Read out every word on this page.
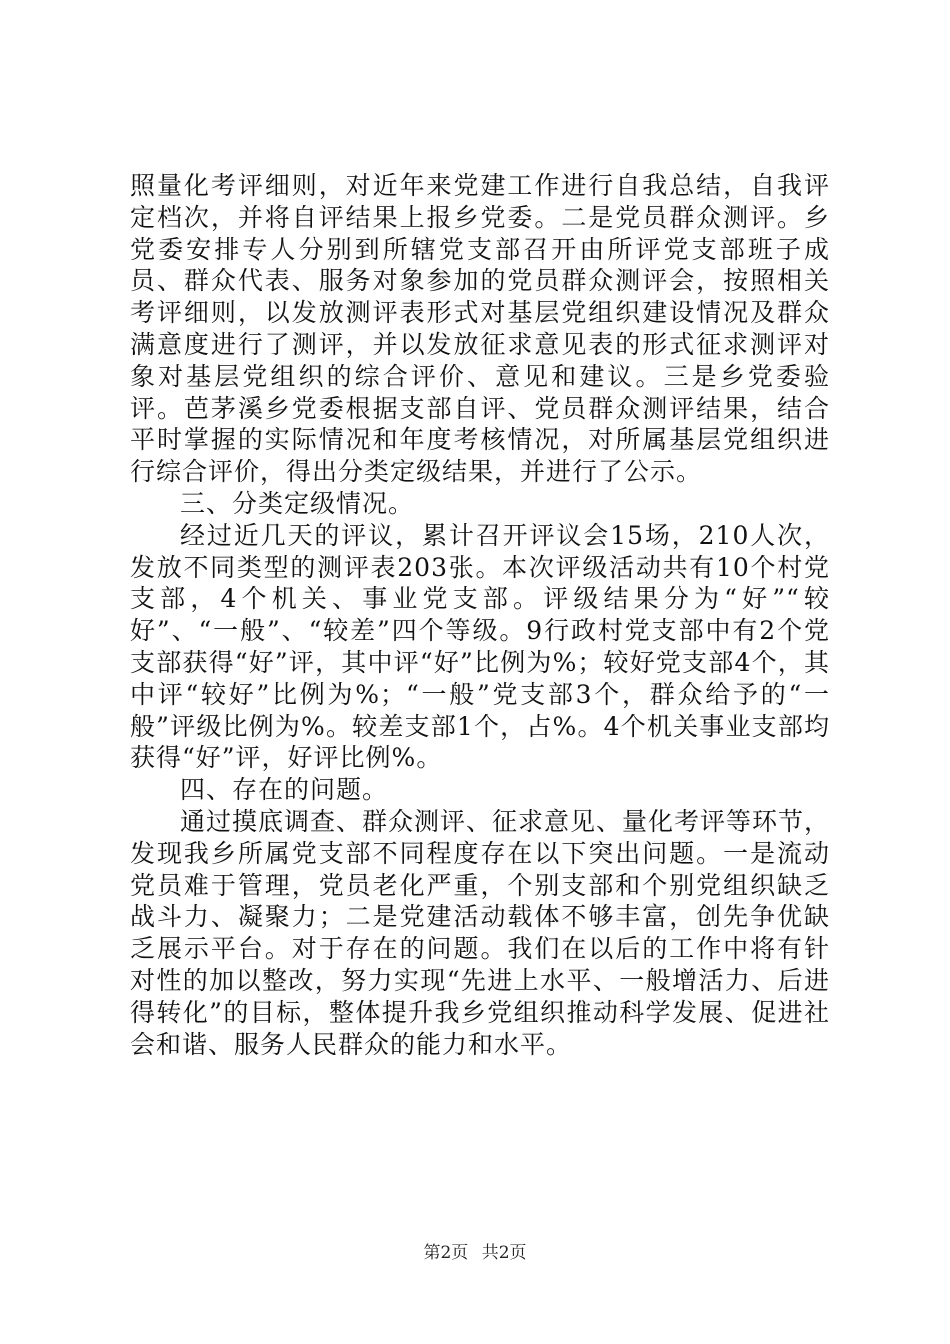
照量化考评细则，对近年来党建工作进行自我总结，自我评定档次，并将自评结果上报乡党委。二是党员群众测评。乡党委安排专人分别到所辖党支部召开由所评党支部班子成员、群众代表、服务对象参加的党员群众测评会，按照相关考评细则，以发放测评表形式对基层党组织建设情况及群众满意度进行了测评，并以发放征求意见表的形式征求测评对象对基层党组织的综合评价、意见和建议。三是乡党委验评。芭茅溪乡党委根据支部自评、党员群众测评结果，结合平时掌握的实际情况和年度考核情况，对所属基层党组织进行综合评价，得出分类定级结果，并进行了公示。

三、分类定级情况。

经过近几天的评议，累计召开评议会15场，210人次，发放不同类型的测评表203张。本次评级活动共有10个村党支部，4个机关、事业党支部。评级结果分为“好”“较好”、“一般”、“较差”四个等级。9行政村党支部中有2个党支部获得“好”评，其中评“好”比例为%；较好党支部4个，其中评“较好”比例为%；“一般”党支部3个，群众给予的“一般”评级比例为%。较差支部1个，占%。4个机关事业支部均获得“好”评，好评比例%。

四、存在的问题。

通过摸底调查、群众测评、征求意见、量化考评等环节，发现我乡所属党支部不同程度存在以下突出问题。一是流动党员难于管理，党员老化严重，个别支部和个别党组织缺乏战斗力、凝聚力；二是党建活动载体不够丰富，创先争优缺乏展示平台。对于存在的问题。我们在以后的工作中将有针对性的加以整改，努力实现“先进上水平、一般增活力、后进得转化”的目标，整体提升我乡党组织推动科学发展、促进社会和谐、服务人民群众的能力和水平。

第2页 共2页
